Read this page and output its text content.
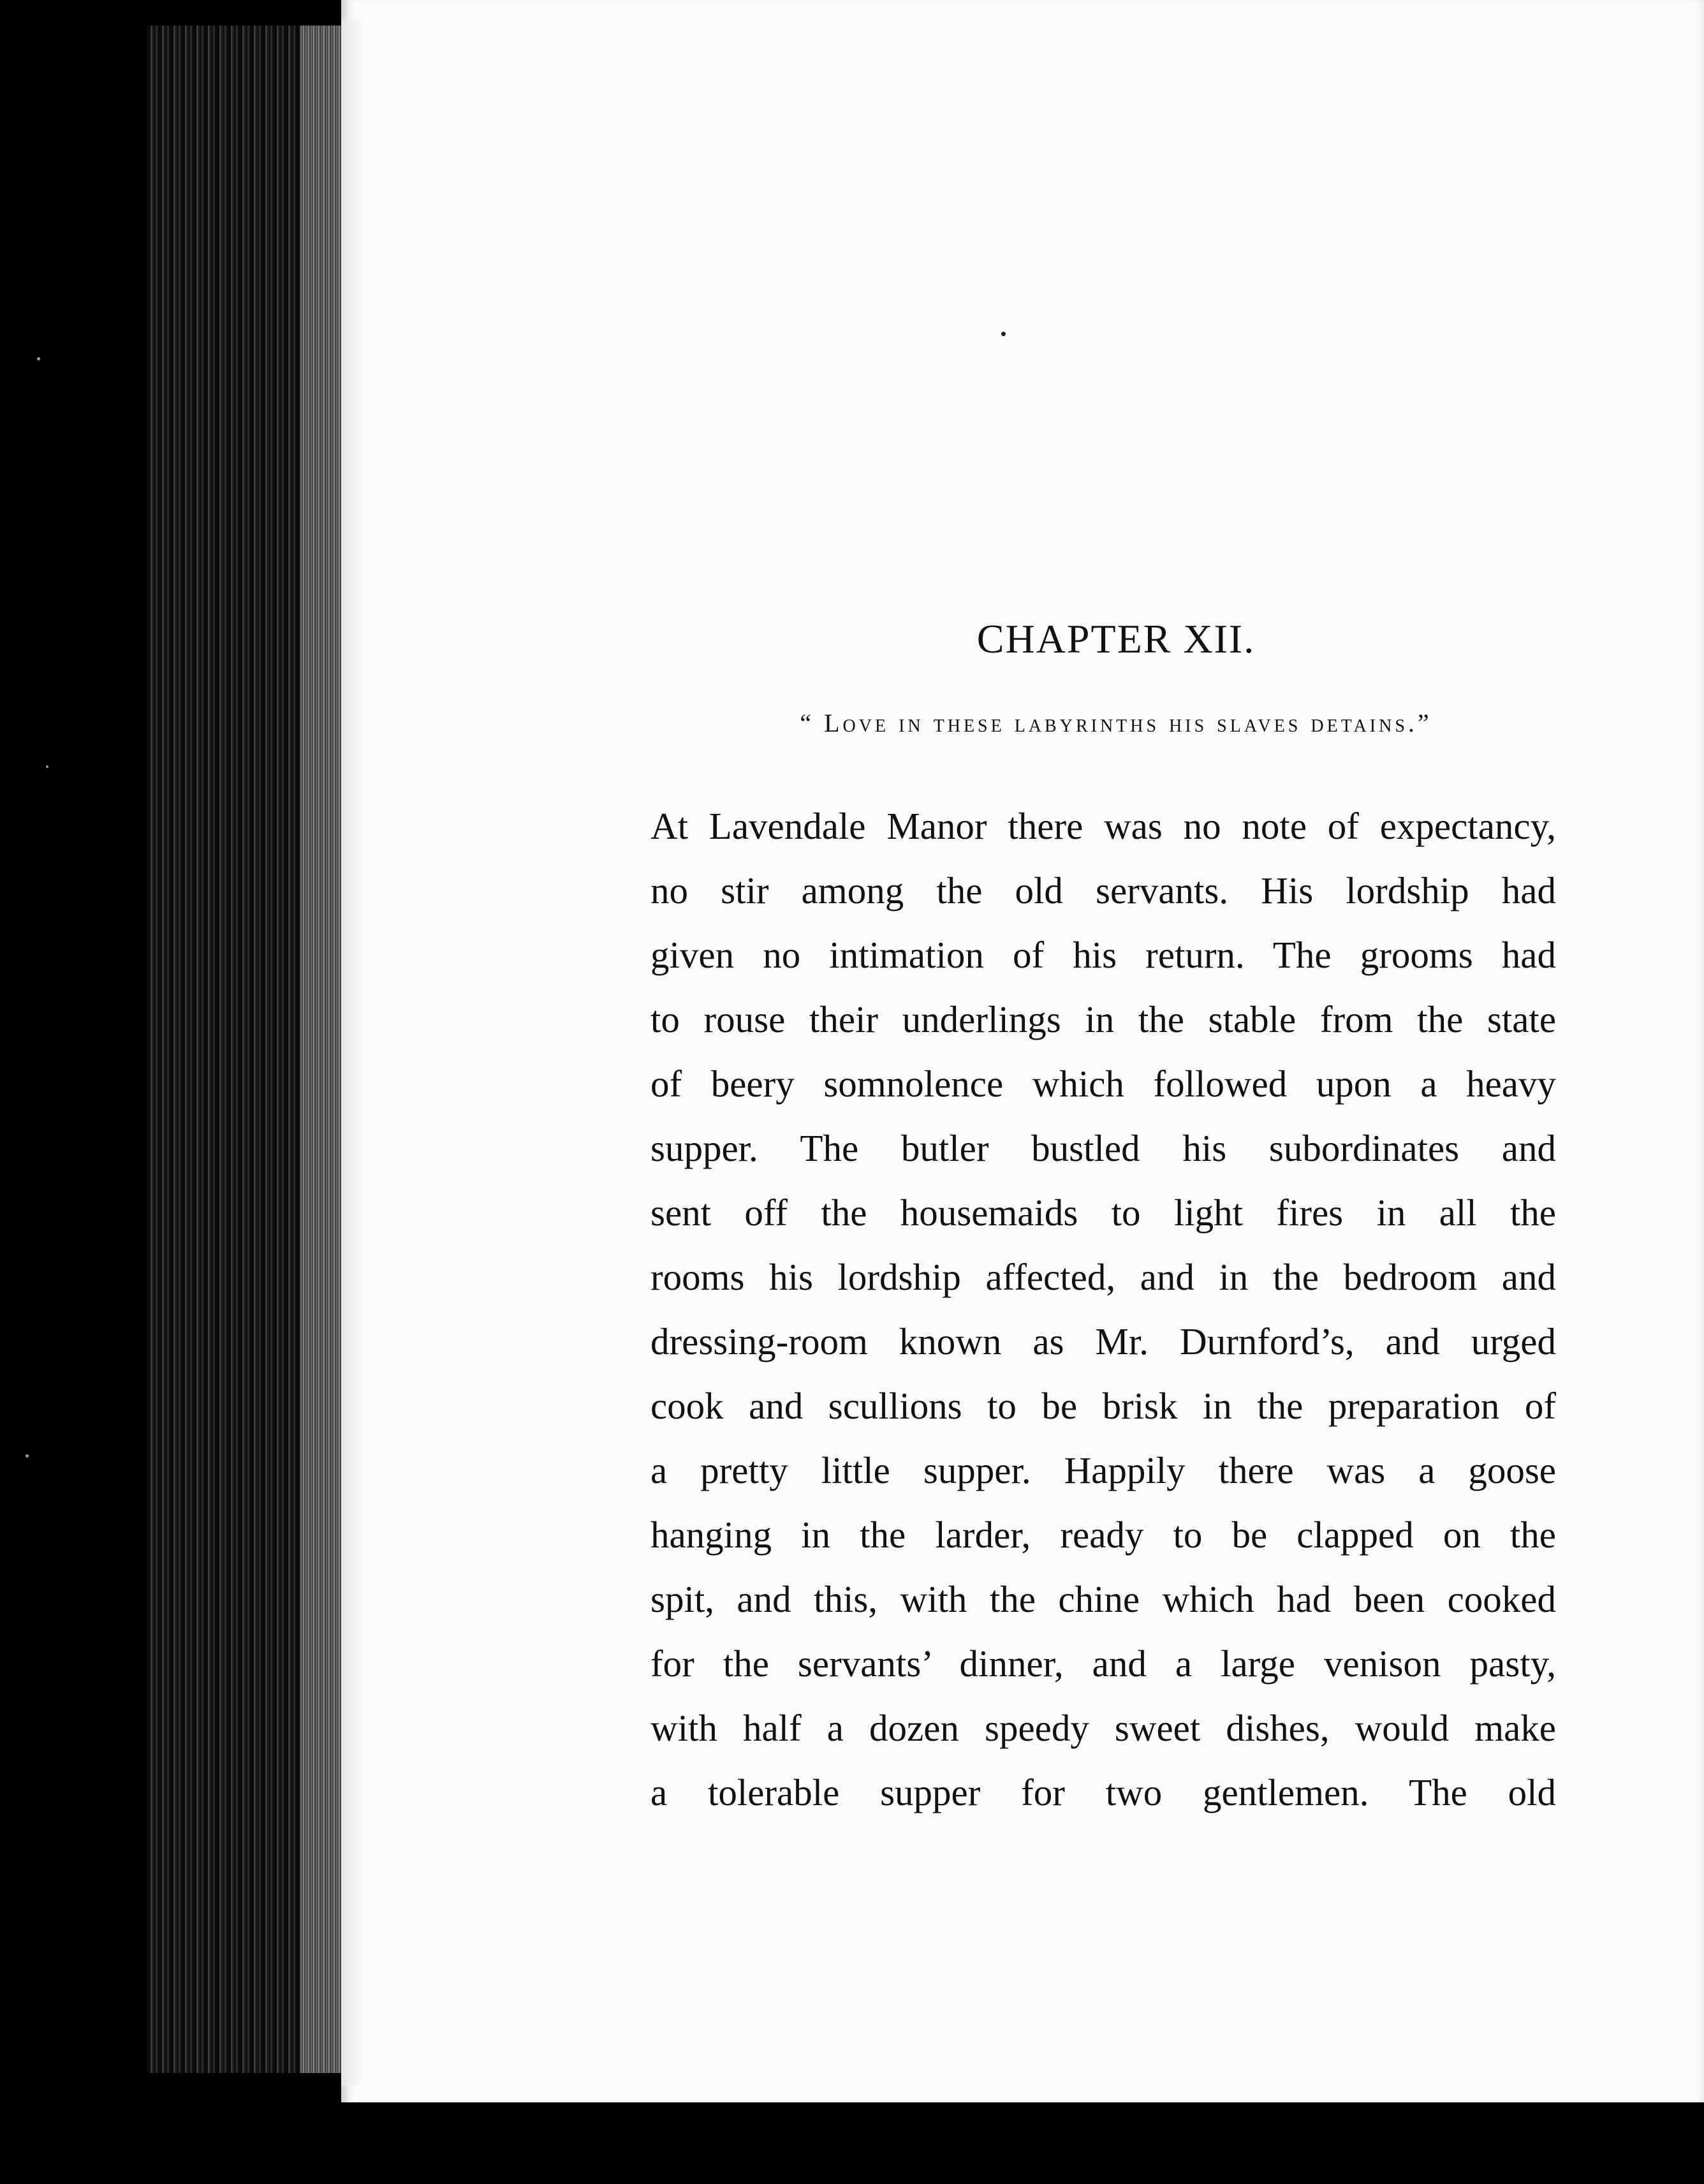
CHAPTER XII.

“ Love in these labyrinths his slaves detains.”

At Lavendale Manor there was no note of expectancy,
no stir among the old servants. His lordship had
given no intimation of his return. The grooms had
to rouse their underlings in the stable from the state
of beery somnolence which followed upon a heavy
supper. The butler bustled his subordinates and
sent off the housemaids to light fires in all the
rooms his lordship affected, and in the bedroom and
dressing-room known as Mr. Durnford’s, and urged
cook and scullions to be brisk in the preparation of
a pretty little supper. Happily there was a goose
hanging in the larder, ready to be clapped on the
spit, and this, with the chine which had been cooked
for the servants’ dinner, and a large venison pasty,
with half a dozen speedy sweet dishes, would make
a tolerable supper for two gentlemen. The old
